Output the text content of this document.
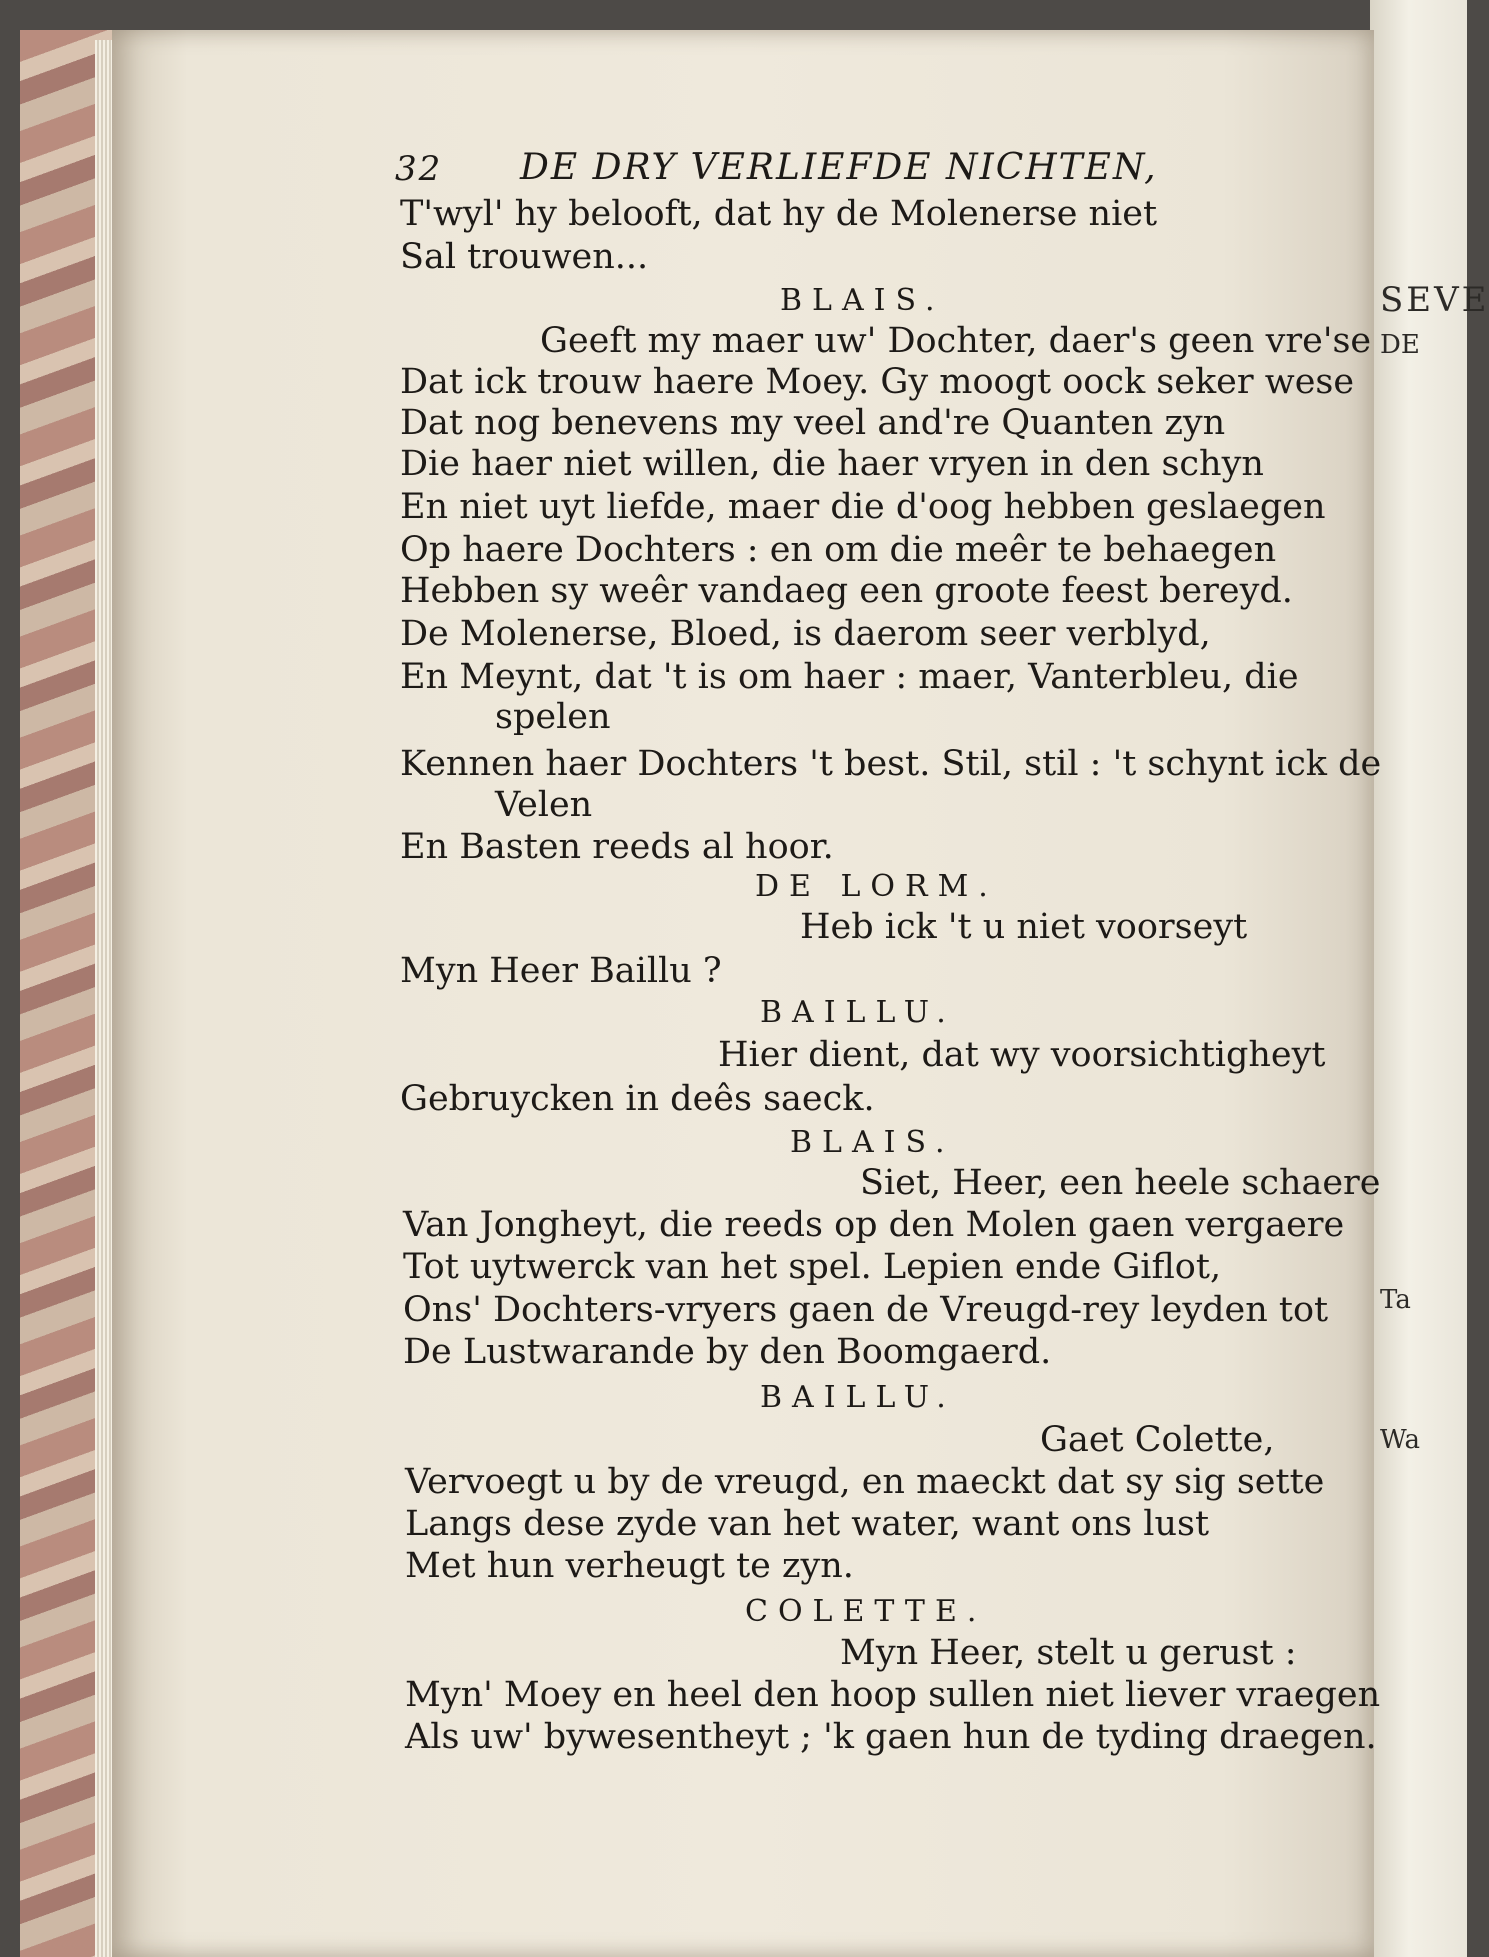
SEVE
DE
Ta
Wa
32 DE DRY VERLIEFDE NICHTEN,
T'wyl' hy belooft, dat hy de Molenerse niet
Sal trouwen...
BLAIS.
Geeft my maer uw' Dochter, daer's geen vre'se
Dat ick trouw haere Moey. Gy moogt oock seker wese
Dat nog benevens my veel and're Quanten zyn
Die haer niet willen, die haer vryen in den schyn
En niet uyt liefde, maer die d'oog hebben geslaegen
Op haere Dochters : en om die meêr te behaegen
Hebben sy weêr vandaeg een groote feest bereyd.
De Molenerse, Bloed, is daerom seer verblyd,
En Meynt, dat 't is om haer : maer, Vanterbleu, die
spelen
Kennen haer Dochters 't best. Stil, stil : 't schynt ick de
Velen
En Basten reeds al hoor.
DE LORM.
Heb ick 't u niet voorseyt
Myn Heer Baillu ?
BAILLU.
Hier dient, dat wy voorsichtigheyt
Gebruycken in deês saeck.
BLAIS.
Siet, Heer, een heele schaere
Van Jongheyt, die reeds op den Molen gaen vergaere
Tot uytwerck van het spel. Lepien ende Giflot,
Ons' Dochters-vryers gaen de Vreugd-rey leyden tot
De Lustwarande by den Boomgaerd.
BAILLU.
Gaet Colette,
Vervoegt u by de vreugd, en maeckt dat sy sig sette
Langs dese zyde van het water, want ons lust
Met hun verheugt te zyn.
COLETTE.
Myn Heer, stelt u gerust :
Myn' Moey en heel den hoop sullen niet liever vraegen
Als uw' bywesentheyt ; 'k gaen hun de tyding draegen.
